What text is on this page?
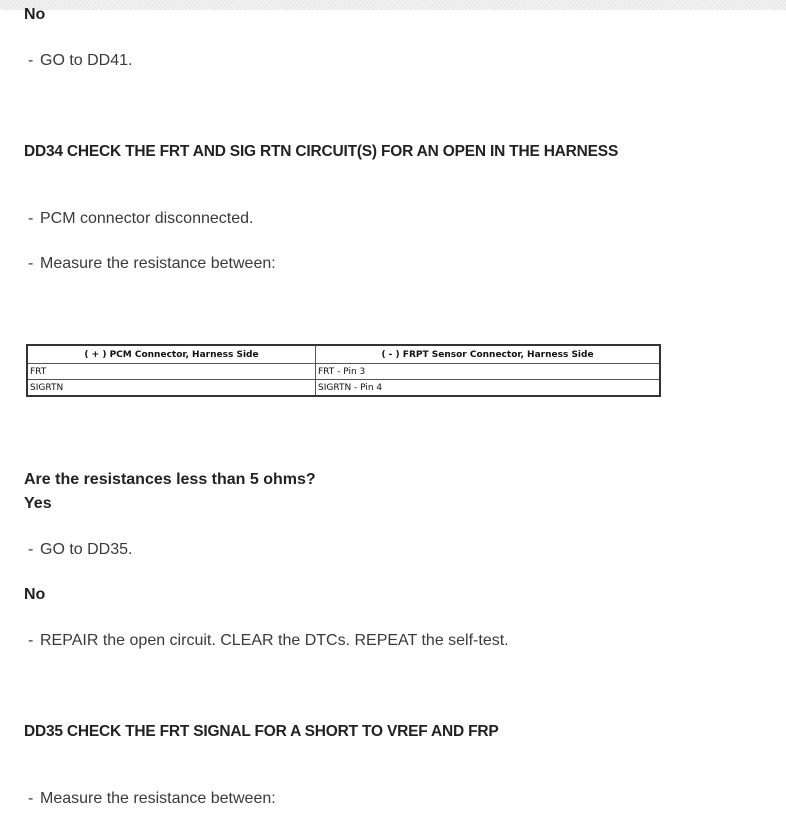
No
- GO to DD41.
DD34 CHECK THE FRT AND SIG RTN CIRCUIT(S) FOR AN OPEN IN THE HARNESS
- PCM connector disconnected.
- Measure the resistance between:
( + ) PCM Connector, Harness Side	( - ) FRPT Sensor Connector, Harness Side
FRT	FRT - Pin 3
SIGRTN	SIGRTN - Pin 4
Are the resistances less than 5 ohms?
Yes
- GO to DD35.
No
- REPAIR the open circuit. CLEAR the DTCs. REPEAT the self-test.
DD35 CHECK THE FRT SIGNAL FOR A SHORT TO VREF AND FRP
- Measure the resistance between:
